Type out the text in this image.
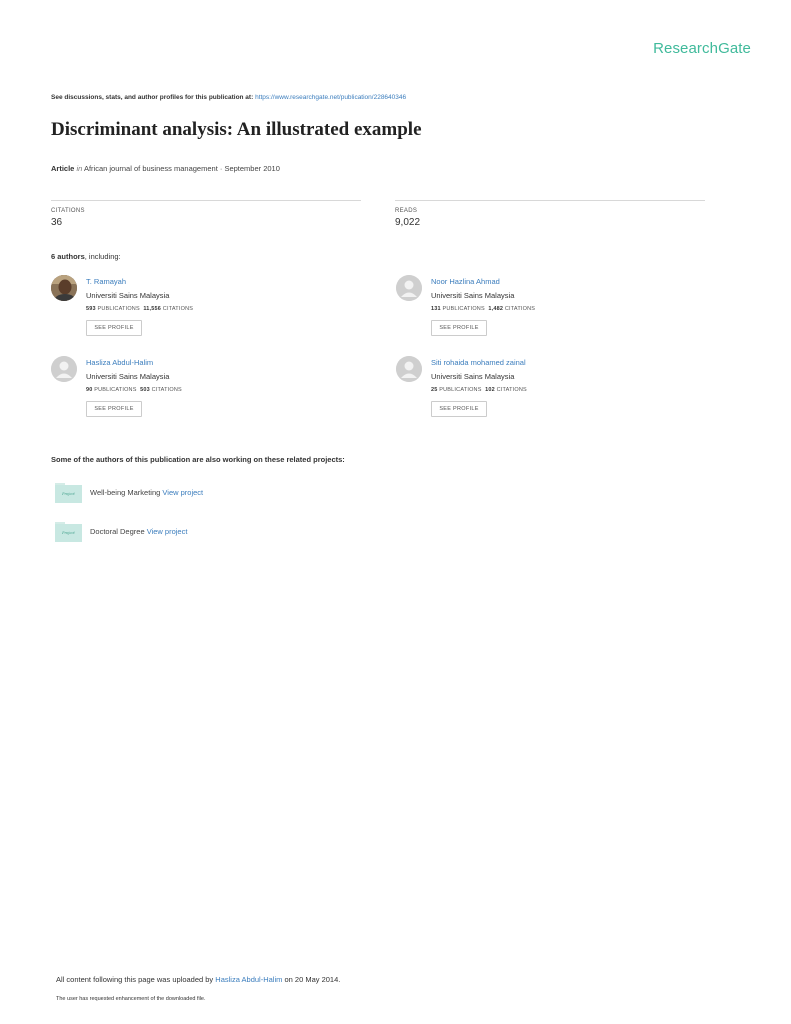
ResearchGate
See discussions, stats, and author profiles for this publication at: https://www.researchgate.net/publication/228640346
Discriminant analysis: An illustrated example
Article in African journal of business management · September 2010
CITATIONS
36
READS
9,022
6 authors, including:
T. Ramayah
Universiti Sains Malaysia
593 PUBLICATIONS 11,556 CITATIONS
SEE PROFILE
Noor Hazlina Ahmad
Universiti Sains Malaysia
131 PUBLICATIONS 1,482 CITATIONS
SEE PROFILE
Hasliza Abdul-Halim
Universiti Sains Malaysia
90 PUBLICATIONS 503 CITATIONS
SEE PROFILE
Siti rohaida mohamed zainal
Universiti Sains Malaysia
25 PUBLICATIONS 102 CITATIONS
SEE PROFILE
Some of the authors of this publication are also working on these related projects:
Project	Well-being Marketing View project
Project	Doctoral Degree View project
All content following this page was uploaded by Hasliza Abdul-Halim on 20 May 2014.
The user has requested enhancement of the downloaded file.
